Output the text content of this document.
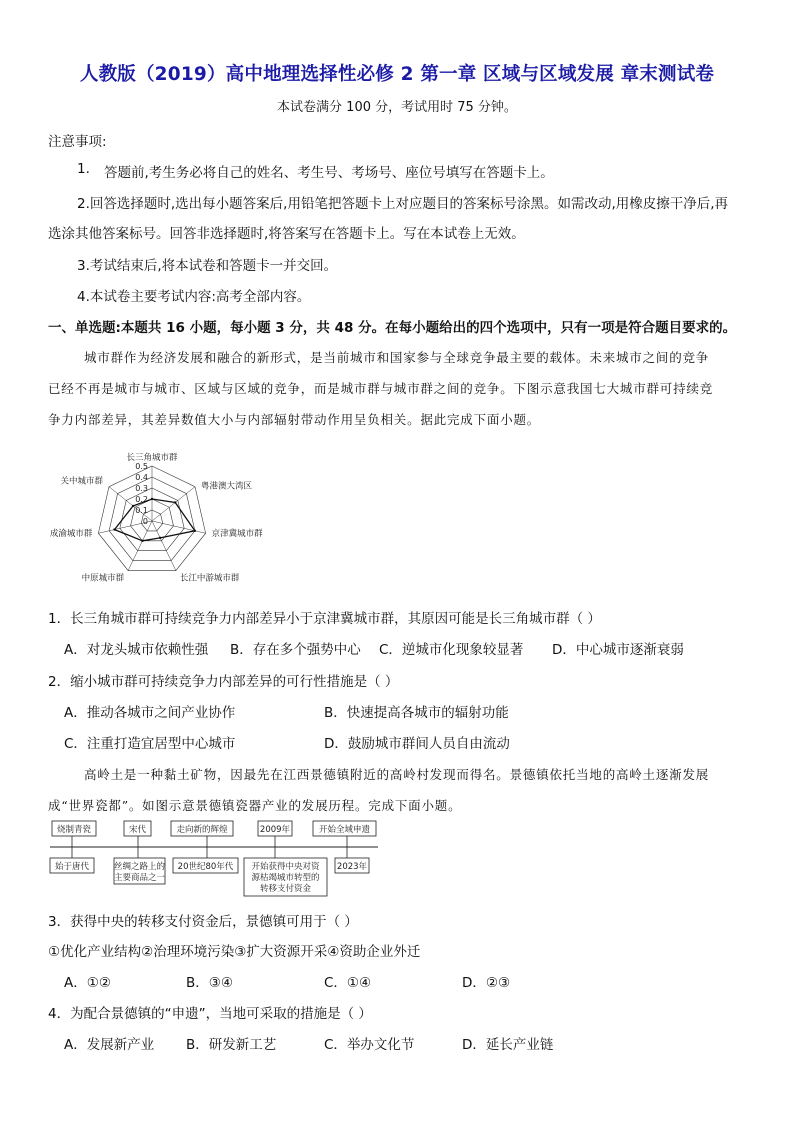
人教版（2019）高中地理选择性必修 2 第一章 区域与区域发展 章末测试卷
本试卷满分 100 分，考试用时 75 分钟。
注意事项:
1. 答题前,考生务必将自己的姓名、考生号、考场号、座位号填写在答题卡上。
2.回答选择题时,选出每小题答案后,用铅笔把答题卡上对应题目的答案标号涂黑。如需改动,用橡皮擦干净后,再
选涂其他答案标号。回答非选择题时,将答案写在答题卡上。写在本试卷上无效。
3.考试结束后,将本试卷和答题卡一并交回。
4.本试卷主要考试内容:高考全部内容。
一、单选题:本题共 16 小题，每小题 3 分，共 48 分。在每小题给出的四个选项中，只有一项是符合题目要求的。
城市群作为经济发展和融合的新形式，是当前城市和国家参与全球竞争最主要的载体。未来城市之间的竞争
已经不再是城市与城市、区域与区域的竞争，而是城市群与城市群之间的竞争。下图示意我国七大城市群可持续竞
争力内部差异，其差异数值大小与内部辐射带动作用呈负相关。据此完成下面小题。
0.5
0.4
0.3
0.2
0.1
0
长三角城市群
粤港澳大湾区
京津冀城市群
长江中游城市群
中原城市群
成渝城市群
关中城市群
1．长三角城市群可持续竞争力内部差异小于京津冀城市群，其原因可能是长三角城市群（ ）
A．对龙头城市依赖性强 B．存在多个强势中心 C．逆城市化现象较显著 D．中心城市逐渐衰弱
2．缩小城市群可持续竞争力内部差异的可行性措施是（ ）
A．推动各城市之间产业协作	B．快速提高各城市的辐射功能
C．注重打造宜居型中心城市	D．鼓励城市群间人员自由流动
高岭土是一种黏土矿物，因最先在江西景德镇附近的高岭村发现而得名。景德镇依托当地的高岭土逐渐发展
成“世界瓷都”。如图示意景德镇瓷器产业的发展历程。完成下面小题。
烧制青瓷	宋代	走向新的辉煌	2009年	开始全域申遗
始于唐代	丝绸之路上的
主要商品之一
20世纪80年代 开始获得中央对资
源枯竭城市转型的
转移支付资金
2023年
3．获得中央的转移支付资金后，景德镇可用于（ ）
①优化产业结构②治理环境污染③扩大资源开采④资助企业外迁
A．①②	B．③④	C．①④	D．②③
4．为配合景德镇的“申遗”，当地可采取的措施是（ ）
A．发展新产业 B．研发新工艺	C．举办文化节	D．延长产业链
